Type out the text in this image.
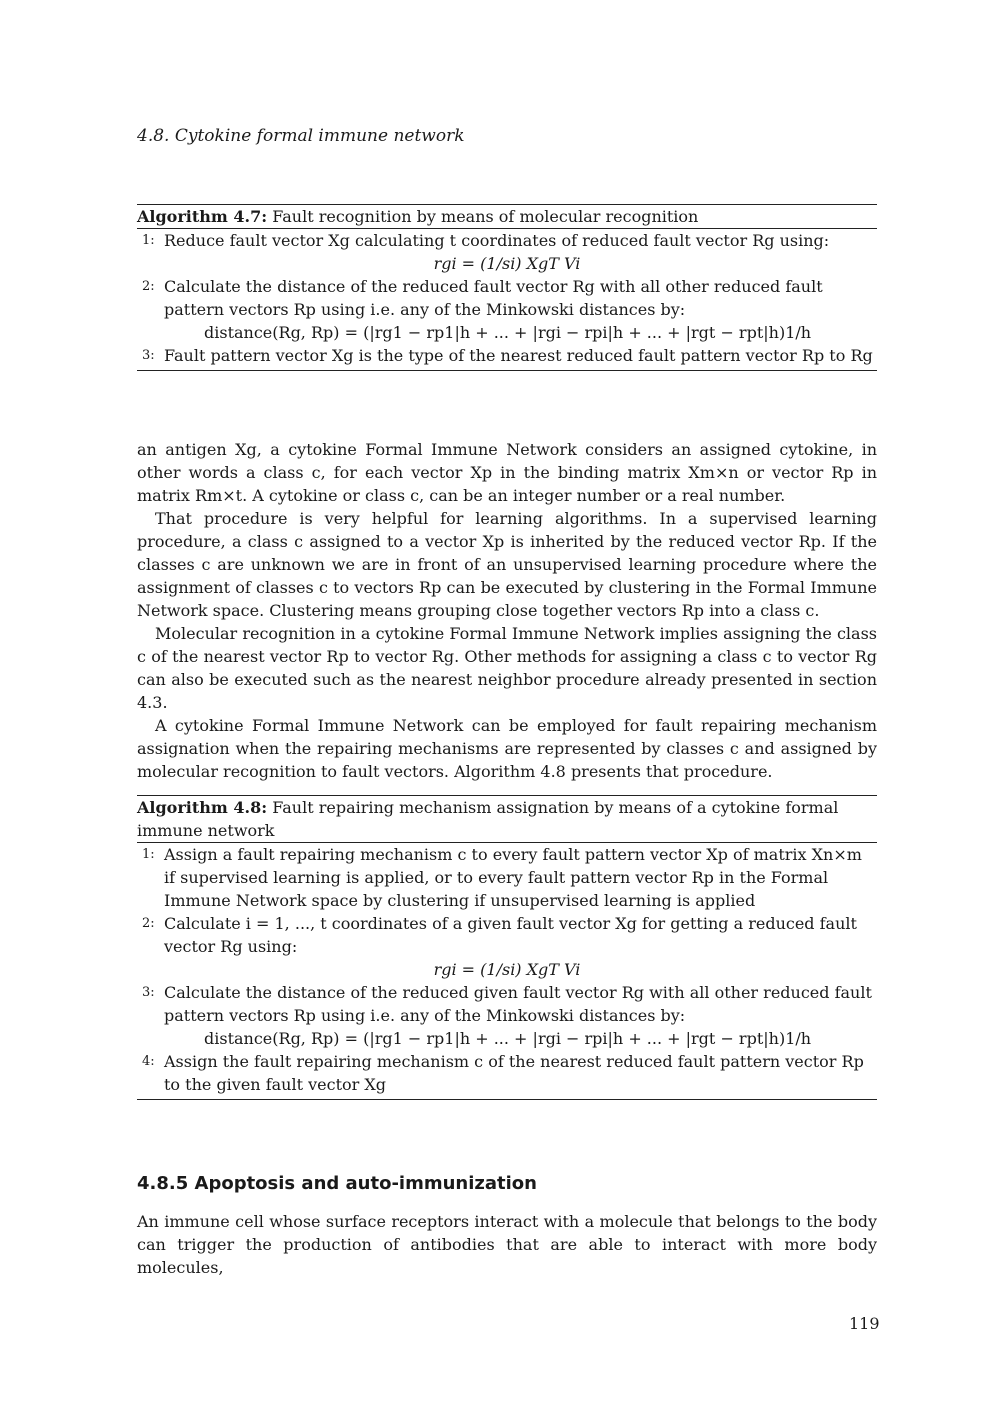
4.8. Cytokine formal immune network
Algorithm 4.7: Fault recognition by means of molecular recognition
1: Reduce fault vector Xg calculating t coordinates of reduced fault vector Rg using:
rgi = (1/si) XgT Vi
2: Calculate the distance of the reduced fault vector Rg with all other reduced fault pattern vectors Rp using i.e. any of the Minkowski distances by:
distance(Rg, Rp) = (|rg1 − rp1|h + ... + |rgi − rpi|h + ... + |rgt − rpt|h)1/h
3: Fault pattern vector Xg is the type of the nearest reduced fault pattern vector Rp to Rg

an antigen Xg, a cytokine Formal Immune Network considers an assigned cytokine, in other words a class c, for each vector Xp in the binding matrix Xm×n or vector Rp in matrix Rm×t. A cytokine or class c, can be an integer number or a real number.

That procedure is very helpful for learning algorithms. In a supervised learning procedure, a class c assigned to a vector Xp is inherited by the reduced vector Rp. If the classes c are unknown we are in front of an unsupervised learning procedure where the assignment of classes c to vectors Rp can be executed by clustering in the Formal Immune Network space. Clustering means grouping close together vectors Rp into a class c.

Molecular recognition in a cytokine Formal Immune Network implies assigning the class c of the nearest vector Rp to vector Rg. Other methods for assigning a class c to vector Rg can also be executed such as the nearest neighbor procedure already presented in section 4.3.

A cytokine Formal Immune Network can be employed for fault repairing mechanism assignation when the repairing mechanisms are represented by classes c and assigned by molecular recognition to fault vectors. Algorithm 4.8 presents that procedure.

Algorithm 4.8: Fault repairing mechanism assignation by means of a cytokine formal immune network
1: Assign a fault repairing mechanism c to every fault pattern vector Xp of matrix Xn×m if supervised learning is applied, or to every fault pattern vector Rp in the Formal Immune Network space by clustering if unsupervised learning is applied
2: Calculate i = 1, ..., t coordinates of a given fault vector Xg for getting a reduced fault vector Rg using:
rgi = (1/si) XgT Vi
3: Calculate the distance of the reduced given fault vector Rg with all other reduced fault pattern vectors Rp using i.e. any of the Minkowski distances by:
distance(Rg, Rp) = (|rg1 − rp1|h + ... + |rgi − rpi|h + ... + |rgt − rpt|h)1/h
4: Assign the fault repairing mechanism c of the nearest reduced fault pattern vector Rp to the given fault vector Xg
4.8.5 Apoptosis and auto-immunization

An immune cell whose surface receptors interact with a molecule that belongs to the body can trigger the production of antibodies that are able to interact with more body molecules,

119
